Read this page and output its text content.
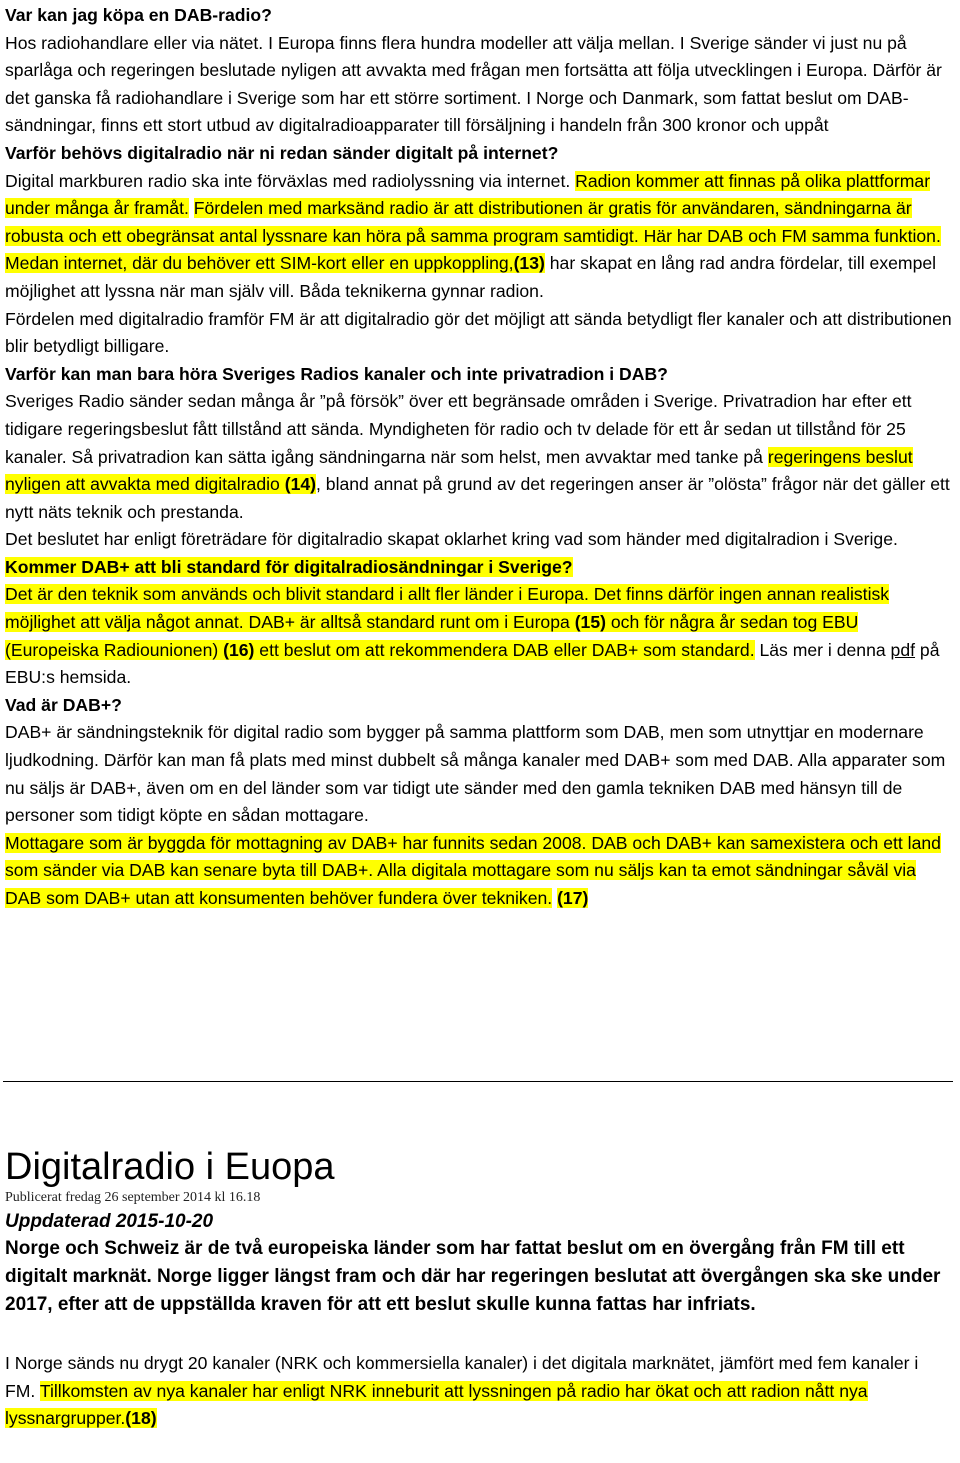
Var kan jag köpa en DAB-radio?

Hos radiohandlare eller via nätet. I Europa finns flera hundra modeller att välja mellan. I Sverige sänder vi just nu på sparlåga och regeringen beslutade nyligen att avvakta med frågan men fortsätta att följa utvecklingen i Europa. Därför är det ganska få radiohandlare i Sverige som har ett större sortiment. I Norge och Danmark, som fattat beslut om DAB-sändningar, finns ett stort utbud av digitalradioapparater till försäljning i handeln från 300 kronor och uppåt

Varför behövs digitalradio när ni redan sänder digitalt på internet?

Digital markburen radio ska inte förväxlas med radiolyssning via internet. Radion kommer att finnas på olika plattformar under många år framåt. Fördelen med marksänd radio är att distributionen är gratis för användaren, sändningarna är robusta och ett obegränsat antal lyssnare kan höra på samma program samtidigt. Här har DAB och FM samma funktion. Medan internet, där du behöver ett SIM-kort eller en uppkoppling,(13) har skapat en lång rad andra fördelar, till exempel möjlighet att lyssna när man själv vill. Båda teknikerna gynnar radion.

Fördelen med digitalradio framför FM är att digitalradio gör det möjligt att sända betydligt fler kanaler och att distributionen blir betydligt billigare.

Varför kan man bara höra Sveriges Radios kanaler och inte privatradion i DAB?

Sveriges Radio sänder sedan många år ”på försök” över ett begränsade områden i Sverige. Privatradion har efter ett tidigare regeringsbeslut fått tillstånd att sända. Myndigheten för radio och tv delade för ett år sedan ut tillstånd för 25 kanaler. Så privatradion kan sätta igång sändningarna när som helst, men avvaktar med tanke på regeringens beslut nyligen att avvakta med digitalradio (14), bland annat på grund av det regeringen anser är ”olösta” frågor när det gäller ett nytt näts teknik och prestanda.

Det beslutet har enligt företrädare för digitalradio skapat oklarhet kring vad som händer med digitalradion i Sverige.

Kommer DAB+ att bli standard för digitalradiosändningar i Sverige?

Det är den teknik som används och blivit standard i allt fler länder i Europa. Det finns därför ingen annan realistisk möjlighet att välja något annat. DAB+ är alltså standard runt om i Europa (15) och för några år sedan tog EBU (Europeiska Radiounionen) (16) ett beslut om att rekommendera DAB eller DAB+ som standard. Läs mer i denna pdf på EBU:s hemsida.

Vad är DAB+?

DAB+ är sändningsteknik för digital radio som bygger på samma plattform som DAB, men som utnyttjar en modernare ljudkodning. Därför kan man få plats med minst dubbelt så många kanaler med DAB+ som med DAB. Alla apparater som nu säljs är DAB+, även om en del länder som var tidigt ute sänder med den gamla tekniken DAB med hänsyn till de personer som tidigt köpte en sådan mottagare.

Mottagare som är byggda för mottagning av DAB+ har funnits sedan 2008. DAB och DAB+ kan samexistera och ett land som sänder via DAB kan senare byta till DAB+. Alla digitala mottagare som nu säljs kan ta emot sändningar såväl via DAB som DAB+ utan att konsumenten behöver fundera över tekniken. (17)

Digitalradio i Euopa

Publicerat fredag 26 september 2014 kl 16.18

Uppdaterad 2015-10-20

Norge och Schweiz är de två europeiska länder som har fattat beslut om en övergång från FM till ett digitalt marknät. Norge ligger längst fram och där har regeringen beslutat att övergången ska ske under 2017, efter att de uppställda kraven för att ett beslut skulle kunna fattas har infriats.

I Norge sänds nu drygt 20 kanaler (NRK och kommersiella kanaler) i det digitala marknätet, jämfört med fem kanaler i FM. Tillkomsten av nya kanaler har enligt NRK inneburit att lyssningen på radio har ökat och att radion nått nya lyssnargrupper.(18)
